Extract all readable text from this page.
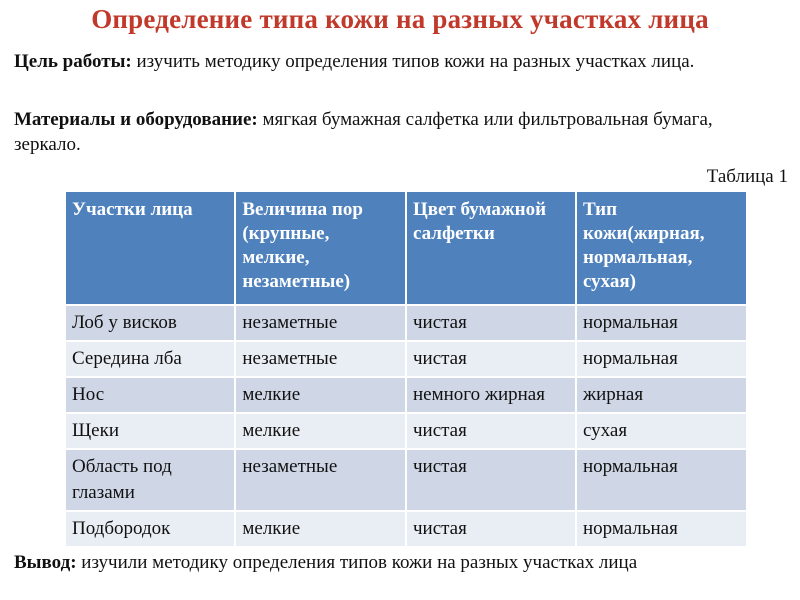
Определение типа кожи на разных участках лица
Цель работы: изучить методику определения типов кожи на разных участках лица.
Материалы и оборудование: мягкая бумажная салфетка или фильтровальная бумага, зеркало.
Таблица 1
Участки лица	Величина пор (крупные, мелкие, незаметные)	Цвет бумажной салфетки	Тип кожи(жирная, нормальная, сухая)
Лоб у висков	незаметные	чистая	нормальная
Середина лба	незаметные	чистая	нормальная
Нос	мелкие	немного жирная	жирная
Щеки	мелкие	чистая	сухая
Область под глазами	незаметные	чистая	нормальная
Подбородок	мелкие	чистая	нормальная
Вывод: изучили методику определения типов кожи на разных участках лица
